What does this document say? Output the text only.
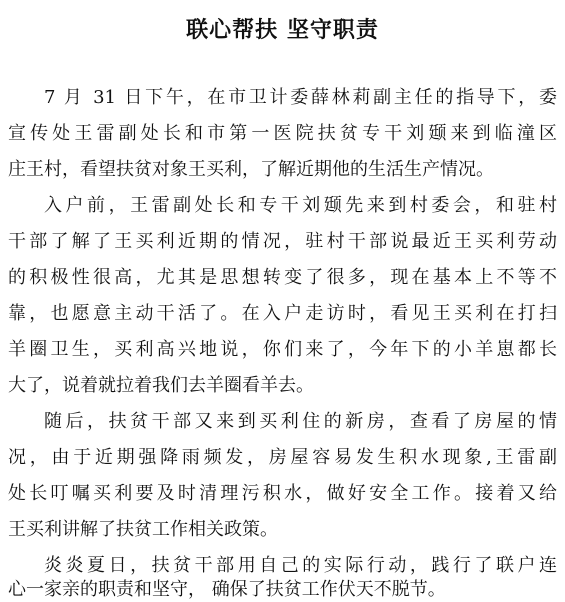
联心帮扶 坚守职责
7 月 31 日下午，在市卫计委薛林莉副主任的指导下，委
宣传处王雷副处长和市第一医院扶贫专干刘颋来到临潼区
庄王村，看望扶贫对象王买利，了解近期他的生活生产情况。
入户前，王雷副处长和专干刘颋先来到村委会，和驻村
干部了解了王买利近期的情况，驻村干部说最近王买利劳动
的积极性很高，尤其是思想转变了很多，现在基本上不等不
靠，也愿意主动干活了。在入户走访时，看见王买利在打扫
羊圈卫生，买利高兴地说，你们来了，今年下的小羊崽都长
大了，说着就拉着我们去羊圈看羊去。
随后，扶贫干部又来到买利住的新房，查看了房屋的情
况，由于近期强降雨频发，房屋容易发生积水现象,王雷副
处长叮嘱买利要及时清理污积水，做好安全工作。接着又给
王买利讲解了扶贫工作相关政策。
炎炎夏日，扶贫干部用自己的实际行动，践行了联户连
心一家亲的职责和坚守， 确保了扶贫工作伏天不脱节。
